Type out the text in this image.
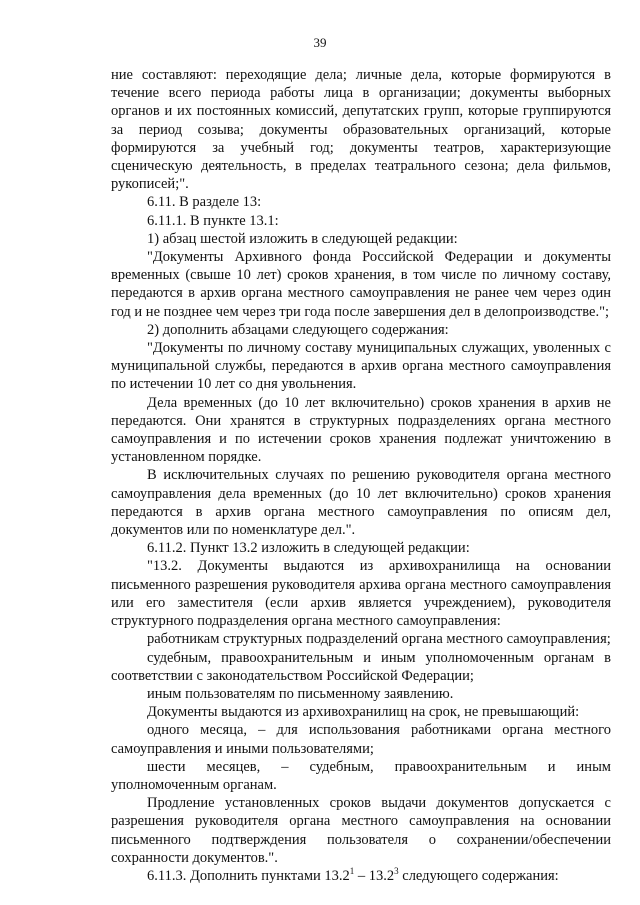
39

ние составляют: переходящие дела; личные дела, которые формируются в течение всего периода работы лица в организации; документы выборных органов и их постоянных комиссий, депутатских групп, которые группируются за период созыва; документы образовательных организаций, которые формируются за учебный год; документы театров, характеризующие сценическую деятельность, в пределах театрального сезона; дела фильмов, рукописей;".

6.11. В разделе 13:

6.11.1. В пункте 13.1:

1) абзац шестой изложить в следующей редакции:

"Документы Архивного фонда Российской Федерации и документы временных (свыше 10 лет) сроков хранения, в том числе по личному составу, передаются в архив органа местного самоуправления не ранее чем через один год и не позднее чем через три года после завершения дел в делопроизводстве.";

2) дополнить абзацами следующего содержания:

"Документы по личному составу муниципальных служащих, уволенных с муниципальной службы, передаются в архив органа местного самоуправления по истечении 10 лет со дня увольнения.

Дела временных (до 10 лет включительно) сроков хранения в архив не передаются. Они хранятся в структурных подразделениях органа местного самоуправления и по истечении сроков хранения подлежат уничтожению в установленном порядке.

В исключительных случаях по решению руководителя органа местного самоуправления дела временных (до 10 лет включительно) сроков хранения передаются в архив органа местного самоуправления по описям дел, документов или по номенклатуре дел.".

6.11.2. Пункт 13.2 изложить в следующей редакции:

"13.2. Документы выдаются из архивохранилища на основании письменного разрешения руководителя архива органа местного самоуправления или его заместителя (если архив является учреждением), руководителя структурного подразделения органа местного самоуправления:

работникам структурных подразделений органа местного самоуправления;

судебным, правоохранительным и иным уполномоченным органам в соответствии с законодательством Российской Федерации;

иным пользователям по письменному заявлению.

Документы выдаются из архивохранилищ на срок, не превышающий:

одного месяца, – для использования работниками органа местного самоуправления и иными пользователями;

шести месяцев, – судебным, правоохранительным и иным уполномоченным органам.

Продление установленных сроков выдачи документов допускается с разрешения руководителя органа местного самоуправления на основании письменного подтверждения пользователя о сохранении/обеспечении сохранности документов.".

6.11.3. Дополнить пунктами 13.2$^1$ – 13.2$^3$ следующего содержания:
